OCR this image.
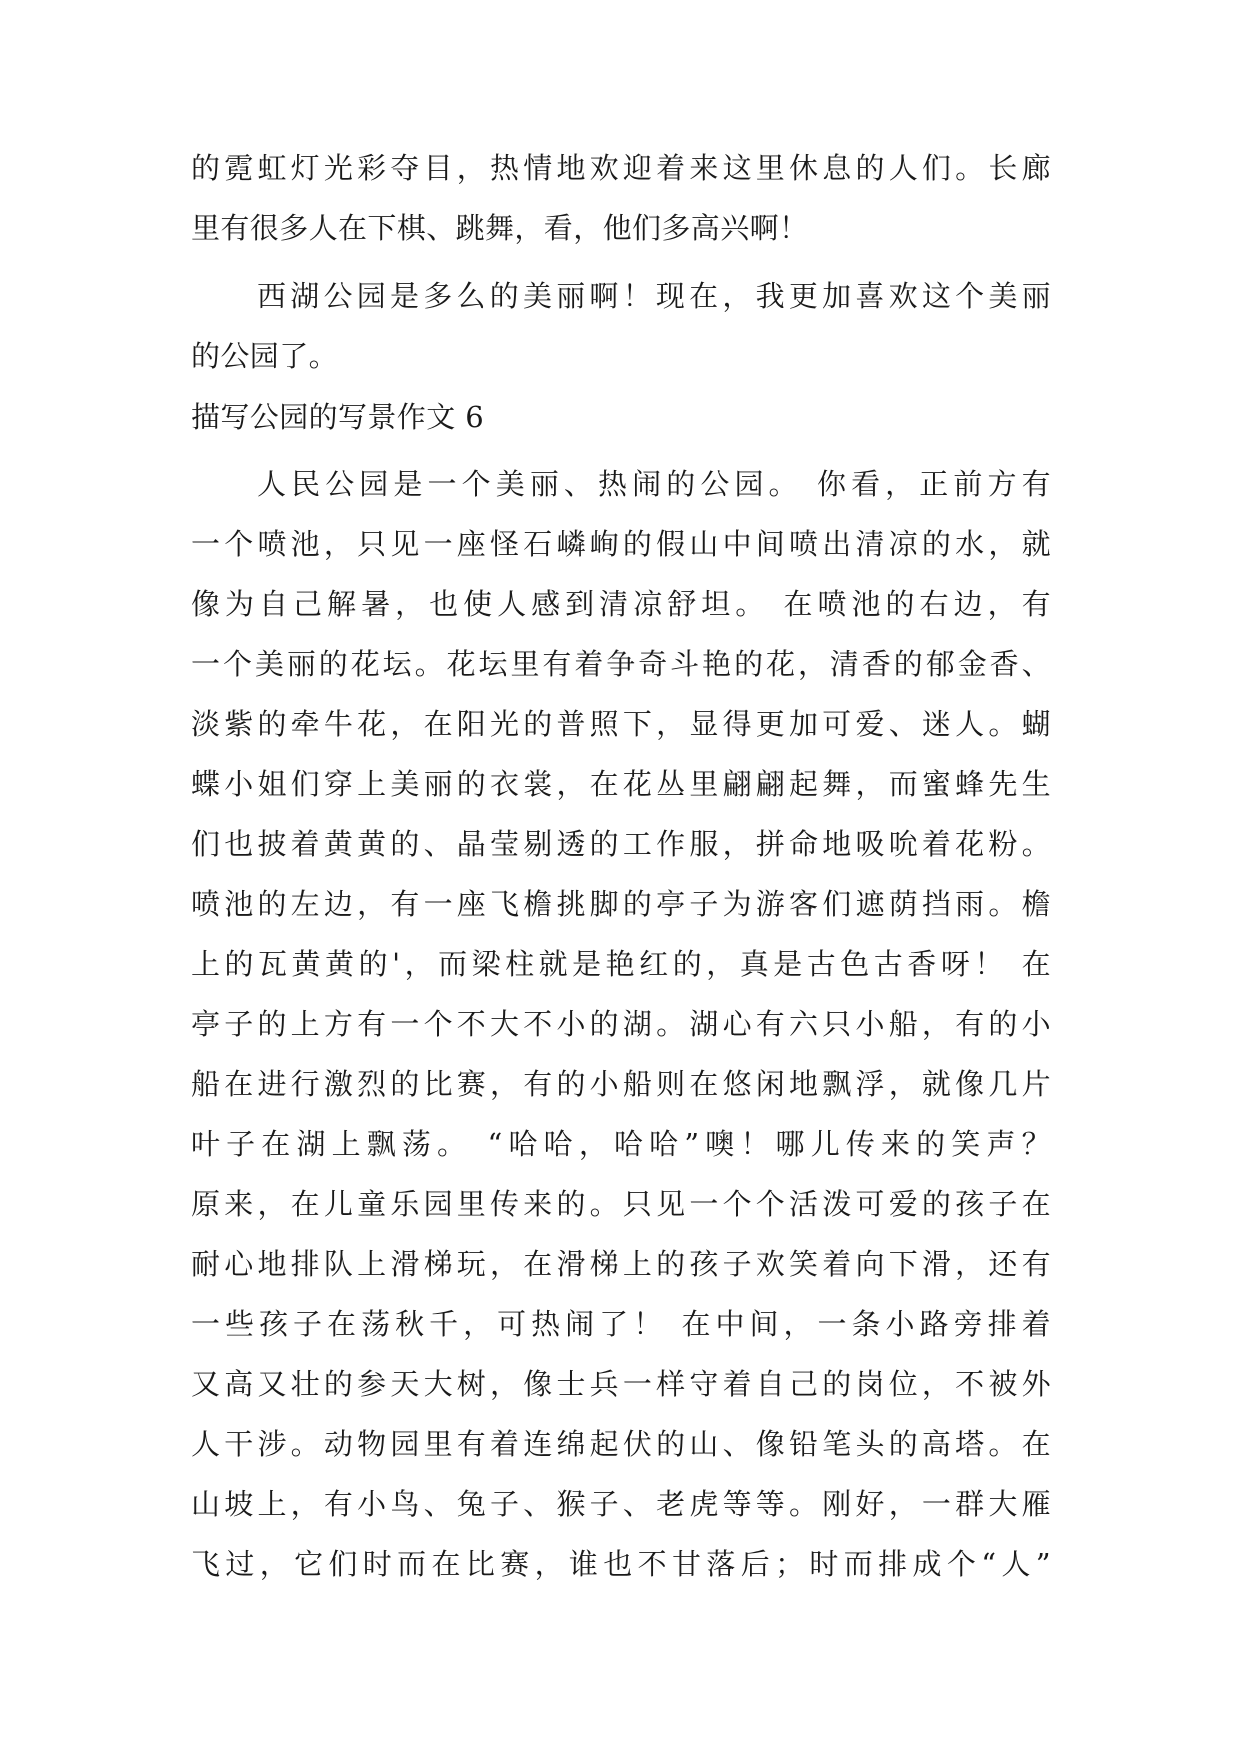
的霓虹灯光彩夺目，热情地欢迎着来这里休息的人们。长廊
里有很多人在下棋、跳舞，看，他们多高兴啊！
西湖公园是多么的美丽啊！现在，我更加喜欢这个美丽
的公园了。
描写公园的写景作文 6
人民公园是一个美丽、热闹的公园。 你看，正前方有
一个喷池，只见一座怪石嶙峋的假山中间喷出清凉的水，就
像为自己解暑，也使人感到清凉舒坦。 在喷池的右边，有
一个美丽的花坛。花坛里有着争奇斗艳的花，清香的郁金香、
淡紫的牵牛花，在阳光的普照下，显得更加可爱、迷人。蝴
蝶小姐们穿上美丽的衣裳，在花丛里翩翩起舞，而蜜蜂先生
们也披着黄黄的、晶莹剔透的工作服，拼命地吸吮着花粉。
喷池的左边，有一座飞檐挑脚的亭子为游客们遮荫挡雨。檐
上的瓦黄黄的'，而梁柱就是艳红的，真是古色古香呀！ 在
亭子的上方有一个不大不小的湖。湖心有六只小船，有的小
船在进行激烈的比赛，有的小船则在悠闲地飘浮，就像几片
叶子在湖上飘荡。 “哈哈，哈哈”噢！哪儿传来的笑声？
原来，在儿童乐园里传来的。只见一个个活泼可爱的孩子在
耐心地排队上滑梯玩，在滑梯上的孩子欢笑着向下滑，还有
一些孩子在荡秋千，可热闹了！ 在中间，一条小路旁排着
又高又壮的参天大树，像士兵一样守着自己的岗位，不被外
人干涉。动物园里有着连绵起伏的山、像铅笔头的高塔。在
山坡上，有小鸟、兔子、猴子、老虎等等。刚好，一群大雁
飞过，它们时而在比赛，谁也不甘落后；时而排成个“人”
